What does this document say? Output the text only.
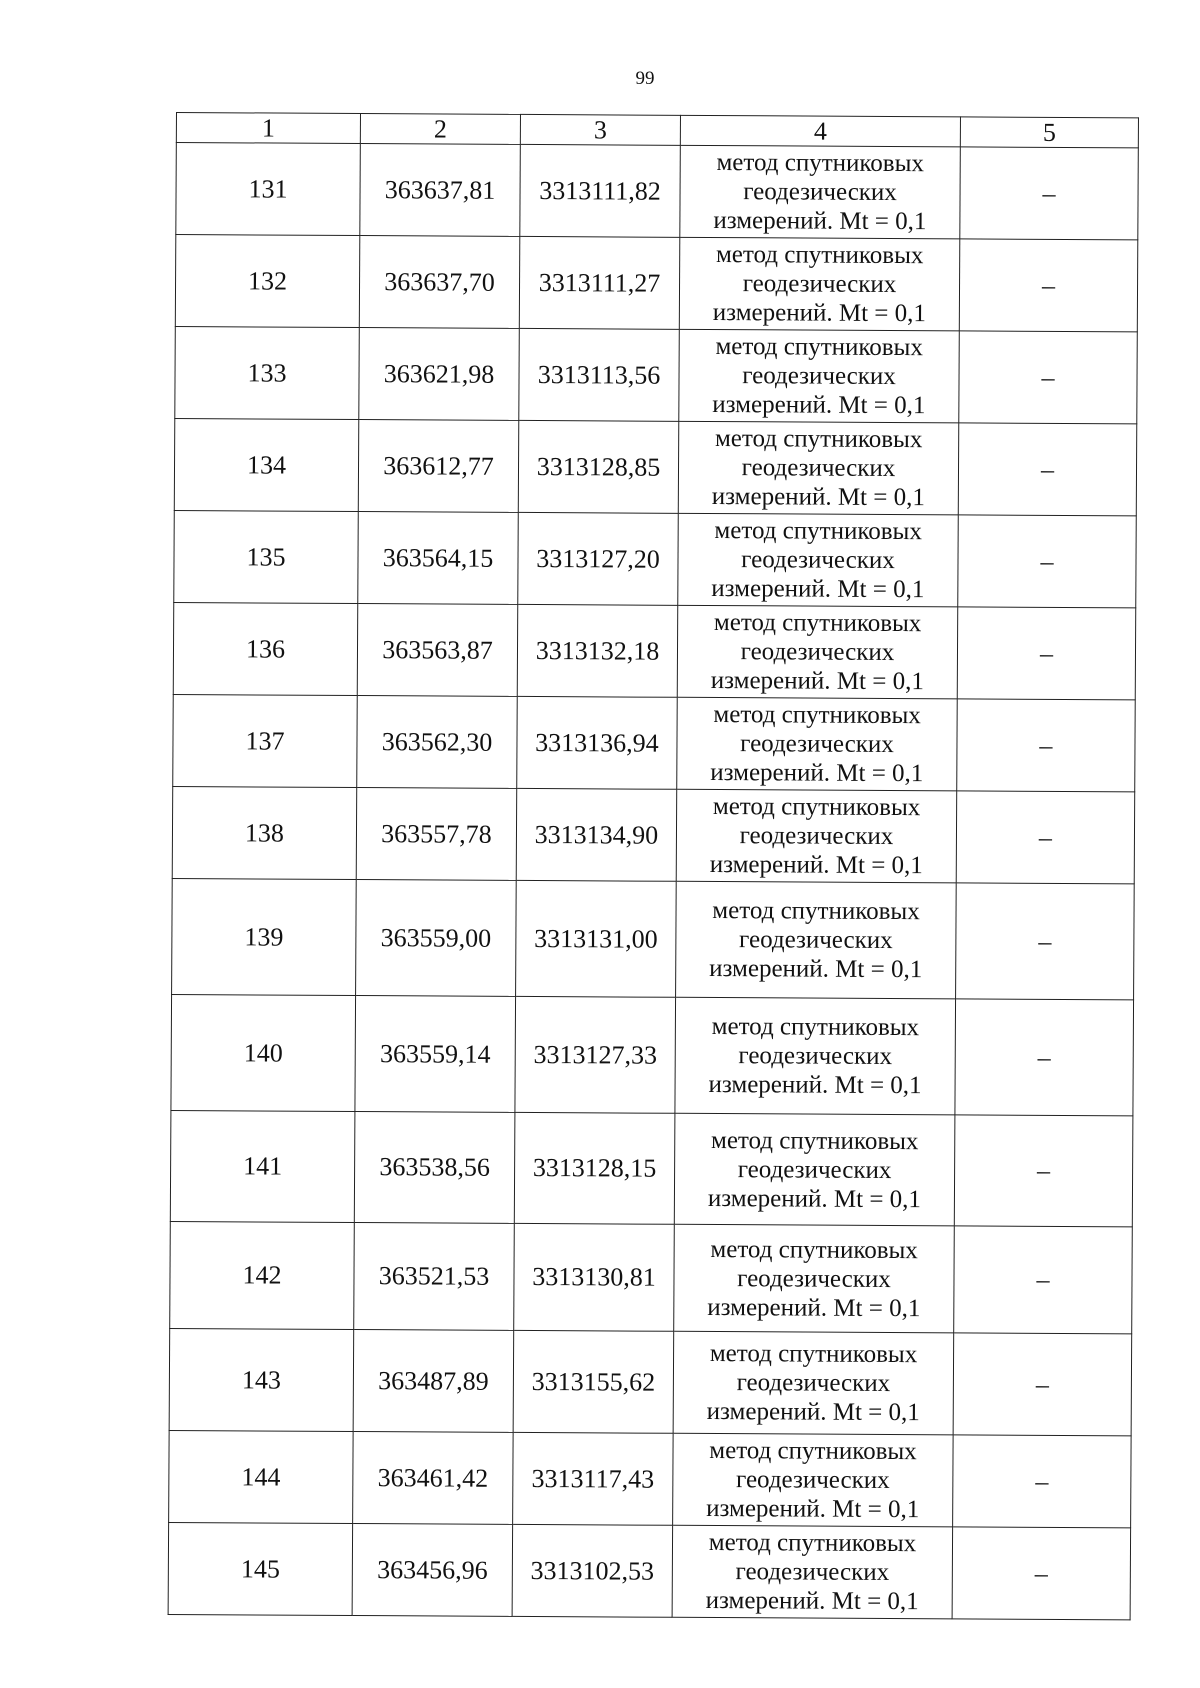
99
1	2	3	4	5
131	363637,81	3313111,82	метод спутниковых
геодезических
измерений. Mt = 0,1	–
132	363637,70	3313111,27	метод спутниковых
геодезических
измерений. Mt = 0,1	–
133	363621,98	3313113,56	метод спутниковых
геодезических
измерений. Mt = 0,1	–
134	363612,77	3313128,85	метод спутниковых
геодезических
измерений. Mt = 0,1	–
135	363564,15	3313127,20	метод спутниковых
геодезических
измерений. Mt = 0,1	–
136	363563,87	3313132,18	метод спутниковых
геодезических
измерений. Mt = 0,1	–
137	363562,30	3313136,94	метод спутниковых
геодезических
измерений. Mt = 0,1	–
138	363557,78	3313134,90	метод спутниковых
геодезических
измерений. Mt = 0,1	–
139	363559,00	3313131,00	метод спутниковых
геодезических
измерений. Mt = 0,1	–
140	363559,14	3313127,33	метод спутниковых
геодезических
измерений. Mt = 0,1	–
141	363538,56	3313128,15	метод спутниковых
геодезических
измерений. Mt = 0,1	–
142	363521,53	3313130,81	метод спутниковых
геодезических
измерений. Mt = 0,1	–
143	363487,89	3313155,62	метод спутниковых
геодезических
измерений. Mt = 0,1	–
144	363461,42	3313117,43	метод спутниковых
геодезических
измерений. Mt = 0,1	–
145	363456,96	3313102,53	метод спутниковых
геодезических
измерений. Mt = 0,1	–
